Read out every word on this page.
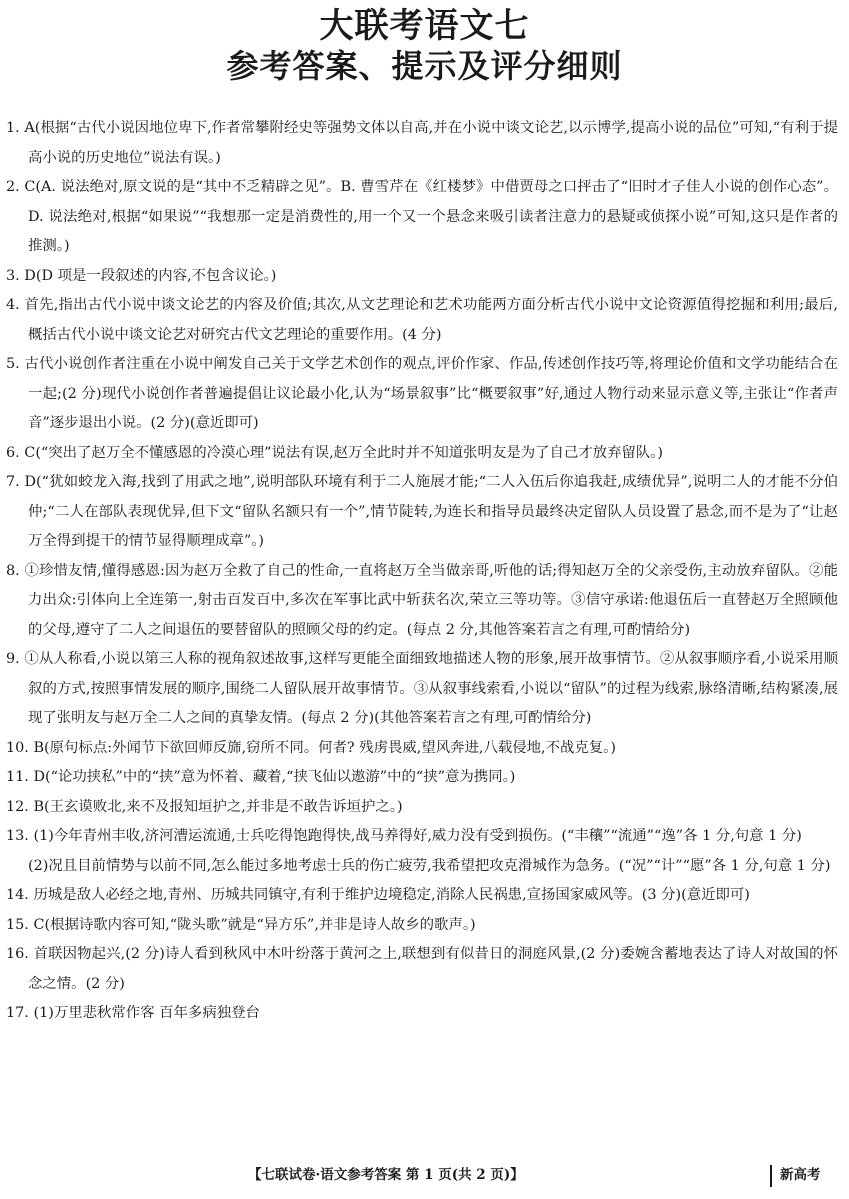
大联考语文七
参考答案、提示及评分细则

1. A(根据“古代小说因地位卑下,作者常攀附经史等强势文体以自高,并在小说中谈文论艺,以示博学,提高小说的品位”可知,“有利于提高小说的历史地位”说法有误。)

2. C(A. 说法绝对,原文说的是“其中不乏精辟之见”。B. 曹雪芹在《红楼梦》中借贾母之口抨击了“旧时才子佳人小说的创作心态”。D. 说法绝对,根据“如果说”“我想那一定是消费性的,用一个又一个悬念来吸引读者注意力的悬疑或侦探小说”可知,这只是作者的推测。)

3. D(D 项是一段叙述的内容,不包含议论。)

4. 首先,指出古代小说中谈文论艺的内容及价值;其次,从文艺理论和艺术功能两方面分析古代小说中文论资源值得挖掘和利用;最后,概括古代小说中谈文论艺对研究古代文艺理论的重要作用。(4 分)

5. 古代小说创作者注重在小说中阐发自己关于文学艺术创作的观点,评价作家、作品,传述创作技巧等,将理论价值和文学功能结合在一起;(2 分)现代小说创作者普遍提倡让议论最小化,认为“场景叙事”比“概要叙事”好,通过人物行动来显示意义等,主张让“作者声音”逐步退出小说。(2 分)(意近即可)

6. C(“突出了赵万全不懂感恩的冷漠心理”说法有误,赵万全此时并不知道张明友是为了自己才放弃留队。)

7. D(“犹如蛟龙入海,找到了用武之地”,说明部队环境有利于二人施展才能;“二人入伍后你追我赶,成绩优异”,说明二人的才能不分伯仲;“二人在部队表现优异,但下文“留队名额只有一个”,情节陡转,为连长和指导员最终决定留队人员设置了悬念,而不是为了“让赵万全得到提干的情节显得顺理成章”。)

8. ①珍惜友情,懂得感恩:因为赵万全救了自己的性命,一直将赵万全当做亲哥,听他的话;得知赵万全的父亲受伤,主动放弃留队。②能力出众:引体向上全连第一,射击百发百中,多次在军事比武中斩获名次,荣立三等功等。③信守承诺:他退伍后一直替赵万全照顾他的父母,遵守了二人之间退伍的要替留队的照顾父母的约定。(每点 2 分,其他答案若言之有理,可酌情给分)

9. ①从人称看,小说以第三人称的视角叙述故事,这样写更能全面细致地描述人物的形象,展开故事情节。②从叙事顺序看,小说采用顺叙的方式,按照事情发展的顺序,围绕二人留队展开故事情节。③从叙事线索看,小说以“留队”的过程为线索,脉络清晰,结构紧凑,展现了张明友与赵万全二人之间的真挚友情。(每点 2 分)(其他答案若言之有理,可酌情给分)

10. B(原句标点:外闻节下欲回师反旆,窃所不同。何者? 残虏畏威,望风奔进,八载侵地,不战克复。)

11. D(“论功挟私”中的“挟”意为怀着、藏着,“挟飞仙以遨游”中的“挟”意为携同。)

12. B(王玄谟败北,来不及报知垣护之,并非是不敢告诉垣护之。)

13. (1)今年青州丰收,济河漕运流通,士兵吃得饱跑得快,战马养得好,威力没有受到损伤。(“丰穰”“流通”“逸”各 1 分,句意 1 分)

(2)况且目前情势与以前不同,怎么能过多地考虑士兵的伤亡疲劳,我希望把攻克滑城作为急务。(“况”“计”“愿”各 1 分,句意 1 分)

14. 历城是敌人必经之地,青州、历城共同镇守,有利于维护边境稳定,消除人民祸患,宣扬国家威风等。(3 分)(意近即可)

15. C(根据诗歌内容可知,“陇头歌”就是“异方乐”,并非是诗人故乡的歌声。)

16. 首联因物起兴,(2 分)诗人看到秋风中木叶纷落于黄河之上,联想到有似昔日的洞庭风景,(2 分)委婉含蓄地表达了诗人对故国的怀念之情。(2 分)

17. (1)万里悲秋常作客 百年多病独登台

【七联试卷·语文参考答案 第 1 页(共 2 页)】	新高考
